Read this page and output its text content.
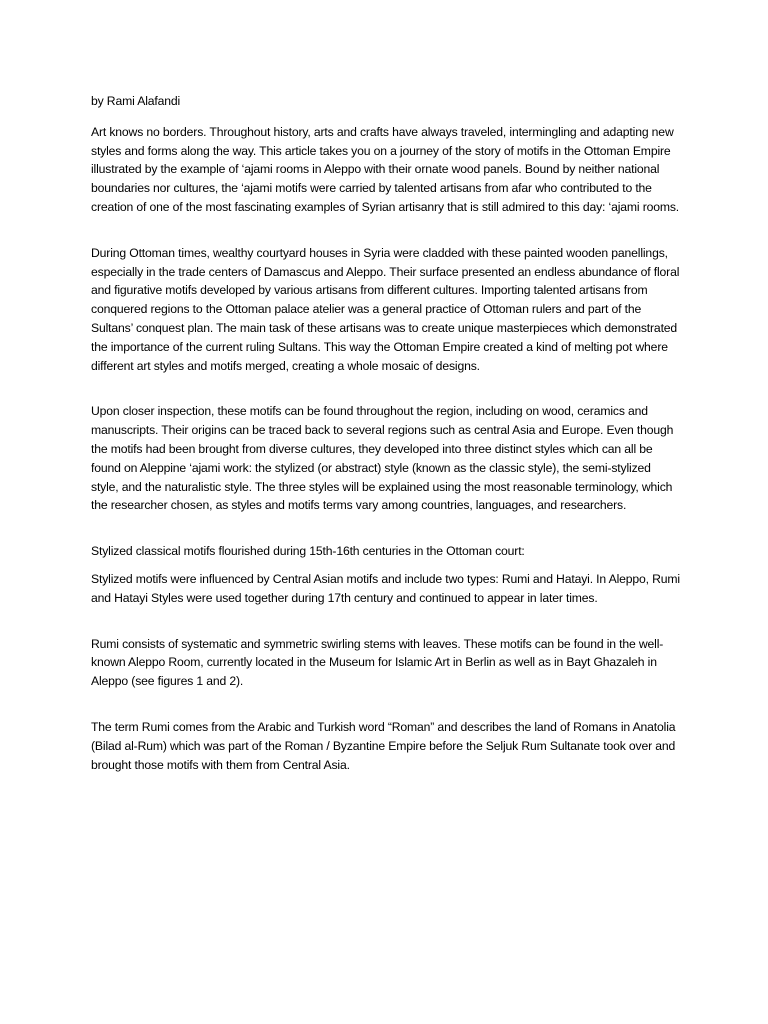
by Rami Alafandi

Art knows no borders. Throughout history, arts and crafts have always traveled, intermingling and adapting new styles and forms along the way. This article takes you on a journey of the story of motifs in the Ottoman Empire illustrated by the example of ‘ajami rooms in Aleppo with their ornate wood panels. Bound by neither national boundaries nor cultures, the ‘ajami motifs were carried by talented artisans from afar who contributed to the creation of one of the most fascinating examples of Syrian artisanry that is still admired to this day: ‘ajami rooms.

During Ottoman times, wealthy courtyard houses in Syria were cladded with these painted wooden panellings, especially in the trade centers of Damascus and Aleppo. Their surface presented an endless abundance of floral and figurative motifs developed by various artisans from different cultures. Importing talented artisans from conquered regions to the Ottoman palace atelier was a general practice of Ottoman rulers and part of the Sultans’ conquest plan. The main task of these artisans was to create unique masterpieces which demonstrated the importance of the current ruling Sultans. This way the Ottoman Empire created a kind of melting pot where different art styles and motifs merged, creating a whole mosaic of designs.

Upon closer inspection, these motifs can be found throughout the region, including on wood, ceramics and manuscripts. Their origins can be traced back to several regions such as central Asia and Europe. Even though the motifs had been brought from diverse cultures, they developed into three distinct styles which can all be found on Aleppine ‘ajami work: the stylized (or abstract) style (known as the classic style), the semi-stylized style, and the naturalistic style. The three styles will be explained using the most reasonable terminology, which the researcher chosen, as styles and motifs terms vary among countries, languages, and researchers.

Stylized classical motifs flourished during 15th-16th centuries in the Ottoman court:

Stylized motifs were influenced by Central Asian motifs and include two types: Rumi and Hatayi. In Aleppo, Rumi and Hatayi Styles were used together during 17th century and continued to appear in later times.

Rumi consists of systematic and symmetric swirling stems with leaves. These motifs can be found in the well-known Aleppo Room, currently located in the Museum for Islamic Art in Berlin as well as in Bayt Ghazaleh in Aleppo (see figures 1 and 2).

The term Rumi comes from the Arabic and Turkish word “Roman” and describes the land of Romans in Anatolia (Bilad al-Rum) which was part of the Roman / Byzantine Empire before the Seljuk Rum Sultanate took over and brought those motifs with them from Central Asia.
